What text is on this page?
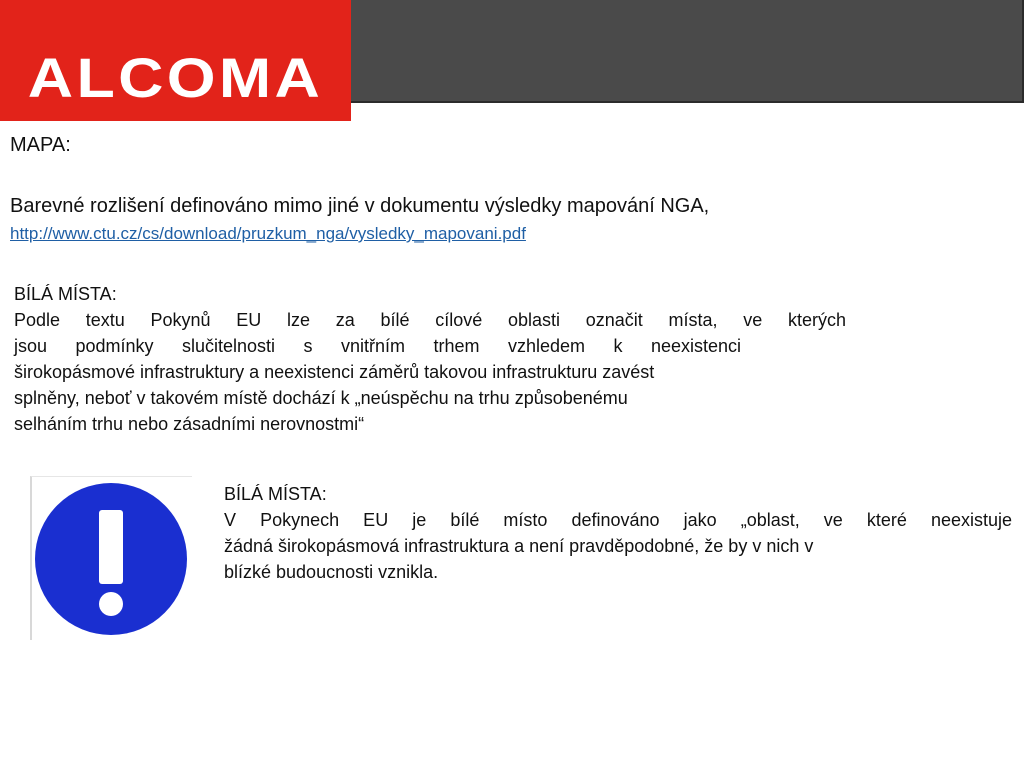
ALCOMA
MAPA:
Barevné rozlišení definováno mimo jiné v dokumentu výsledky mapování NGA,
http://www.ctu.cz/cs/download/pruzkum_nga/vysledky_mapovani.pdf
BÍLÁ MÍSTA:
Podle textu Pokynů EU lze za bílé cílové oblasti označit místa, ve kterých
jsou podmínky slučitelnosti s vnitřním trhem vzhledem k neexistenci
širokopásmové infrastruktury a neexistenci záměrů takovou infrastrukturu zavést
splněny, neboť v takovém místě dochází k „neúspěchu na trhu způsobenému
selháním trhu nebo zásadními nerovnostmi“
BÍLÁ MÍSTA:
V Pokynech EU je bílé místo definováno jako „oblast, ve které neexistuje
žádná širokopásmová infrastruktura a není pravděpodobné, že by v nich v
blízké budoucnosti vznikla.
